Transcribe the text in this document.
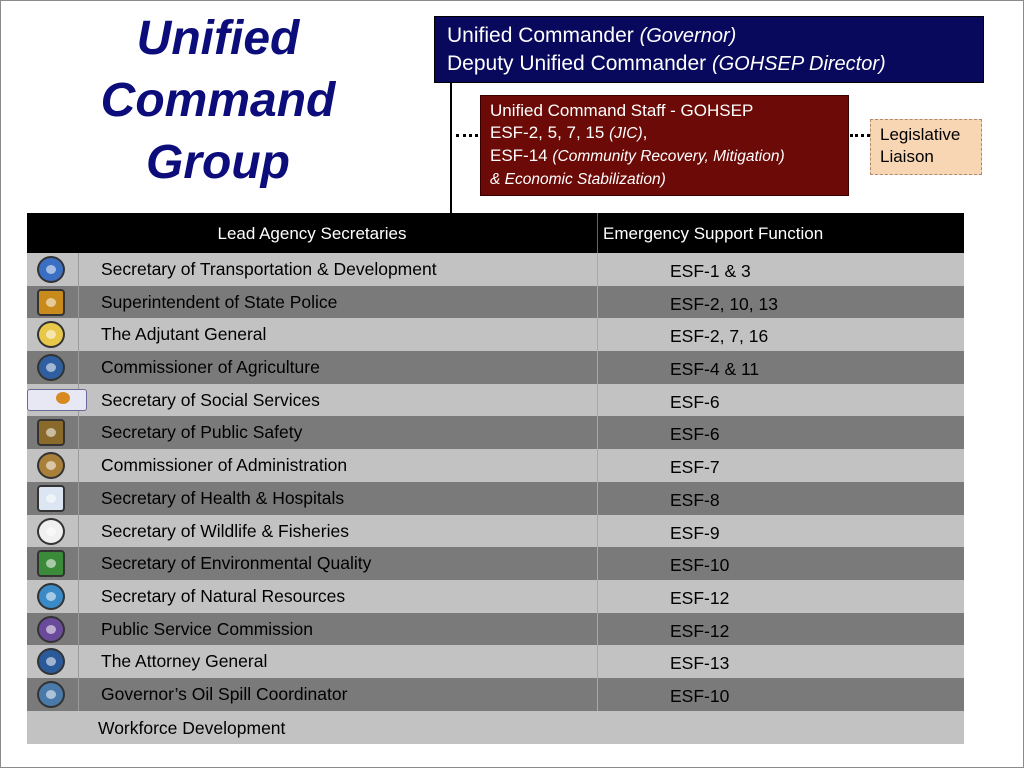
Unified
Command
Group
Unified Commander (Governor)
Deputy Unified Commander (GOHSEP Director)
Unified Command Staff - GOHSEP
ESF-2, 5, 7, 15 (JIC),
ESF-14 (Community Recovery, Mitigation)
& Economic Stabilization)
Legislative
Liaison
Lead Agency Secretaries	Emergency Support Function
Secretary of Transportation & Development	ESF-1 & 3
Superintendent of State Police	ESF-2, 10, 13
The Adjutant General	ESF-2, 7, 16
Commissioner of Agriculture	ESF-4 & 11
Secretary of Social Services	ESF-6
Secretary of Public Safety	ESF-6
Commissioner of Administration	ESF-7
Secretary of Health & Hospitals	ESF-8
Secretary of Wildlife & Fisheries	ESF-9
Secretary of Environmental Quality	ESF-10
Secretary of Natural Resources	ESF-12
Public Service Commission	ESF-12
The Attorney General	ESF-13
Governor’s Oil Spill Coordinator	ESF-10
Workforce Development
